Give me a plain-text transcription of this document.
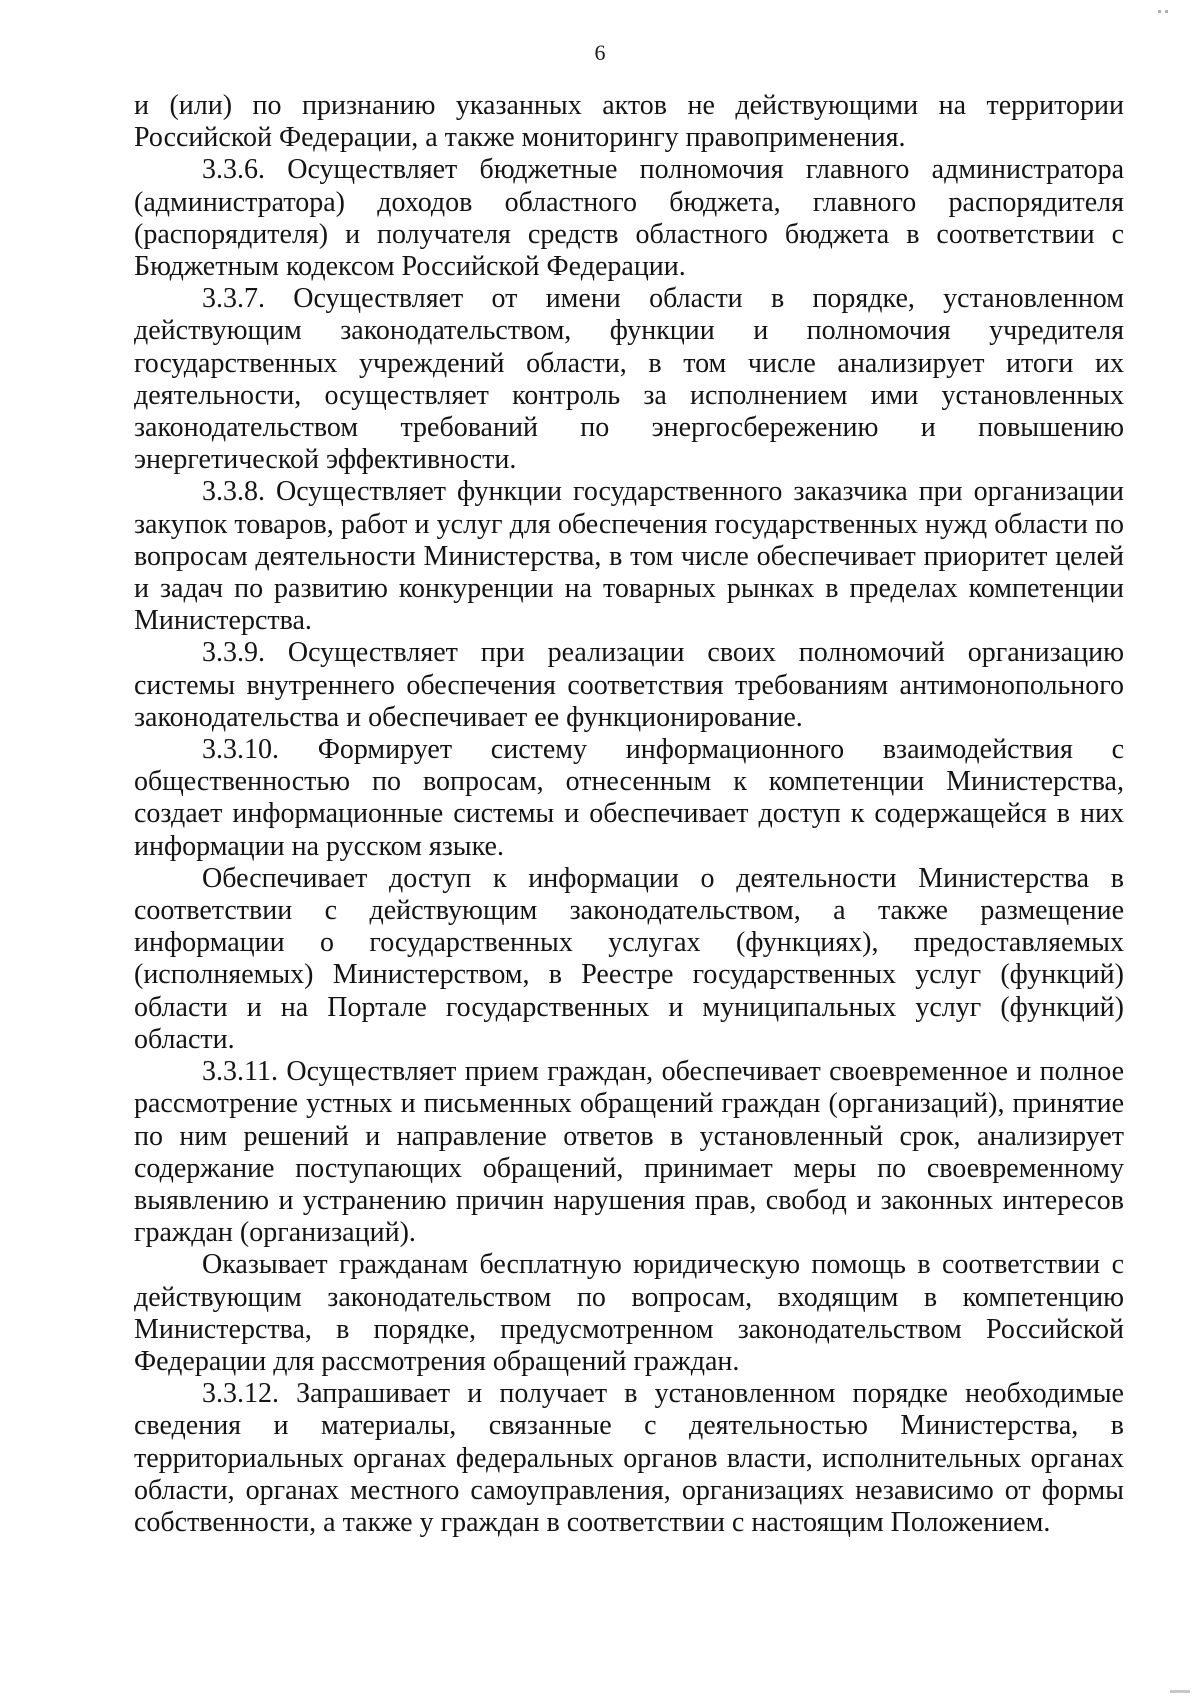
6

и (или) по признанию указанных актов не действующими на территории Российской Федерации, а также мониторингу правоприменения.

3.3.6. Осуществляет бюджетные полномочия главного администратора (администратора) доходов областного бюджета, главного распорядителя (распорядителя) и получателя средств областного бюджета в соответствии с Бюджетным кодексом Российской Федерации.

3.3.7. Осуществляет от имени области в порядке, установленном действующим законодательством, функции и полномочия учредителя государственных учреждений области, в том числе анализирует итоги их деятельности, осуществляет контроль за исполнением ими установленных законодательством требований по энергосбережению и повышению энергетической эффективности.

3.3.8. Осуществляет функции государственного заказчика при организации закупок товаров, работ и услуг для обеспечения государственных нужд области по вопросам деятельности Министерства, в том числе обеспечивает приоритет целей и задач по развитию конкуренции на товарных рынках в пределах компетенции Министерства.

3.3.9. Осуществляет при реализации своих полномочий организацию системы внутреннего обеспечения соответствия требованиям антимонопольного законодательства и обеспечивает ее функционирование.

3.3.10. Формирует систему информационного взаимодействия с общественностью по вопросам, отнесенным к компетенции Министерства, создает информационные системы и обеспечивает доступ к содержащейся в них информации на русском языке.

Обеспечивает доступ к информации о деятельности Министерства в соответствии с действующим законодательством, а также размещение информации о государственных услугах (функциях), предоставляемых (исполняемых) Министерством, в Реестре государственных услуг (функций) области и на Портале государственных и муниципальных услуг (функций) области.

3.3.11. Осуществляет прием граждан, обеспечивает своевременное и полное рассмотрение устных и письменных обращений граждан (организаций), принятие по ним решений и направление ответов в установленный срок, анализирует содержание поступающих обращений, принимает меры по своевременному выявлению и устранению причин нарушения прав, свобод и законных интересов граждан (организаций).

Оказывает гражданам бесплатную юридическую помощь в соответствии с действующим законодательством по вопросам, входящим в компетенцию Министерства, в порядке, предусмотренном законодательством Российской Федерации для рассмотрения обращений граждан.

3.3.12. Запрашивает и получает в установленном порядке необходимые сведения и материалы, связанные с деятельностью Министерства, в территориальных органах федеральных органов власти, исполнительных органах области, органах местного самоуправления, организациях независимо от формы собственности, а также у граждан в соответствии с настоящим Положением.
